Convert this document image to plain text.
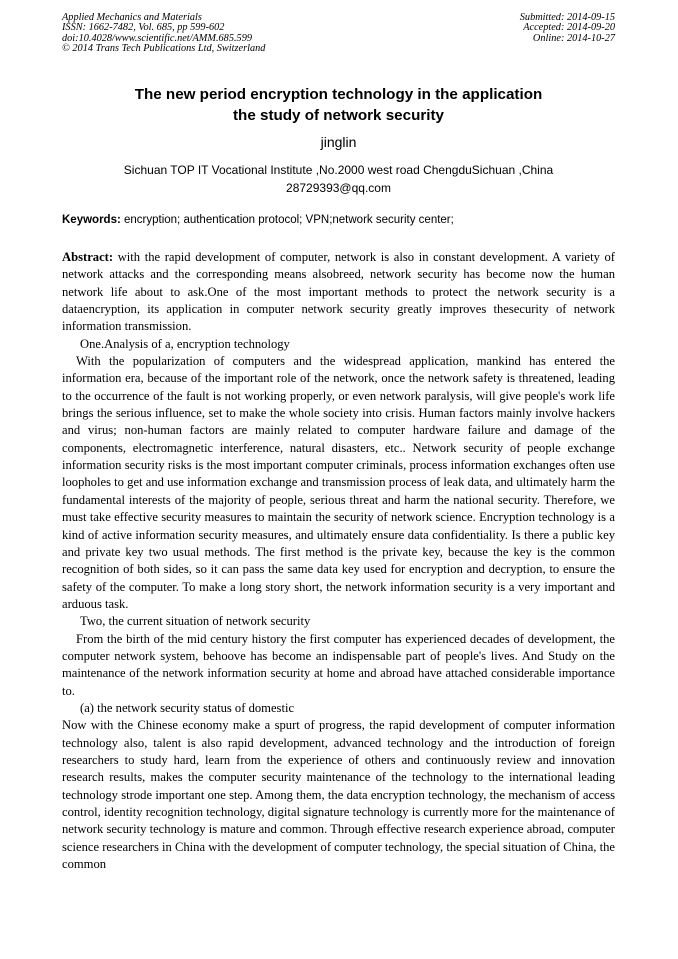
Applied Mechanics and Materials
ISSN: 1662-7482, Vol. 685, pp 599-602
doi:10.4028/www.scientific.net/AMM.685.599
© 2014 Trans Tech Publications Ltd, Switzerland
Submitted: 2014-09-15
Accepted: 2014-09-20
Online: 2014-10-27
The new period encryption technology in the application
the study of network security
jinglin
Sichuan TOP IT Vocational Institute ,No.2000 west road ChengduSichuan ,China
28729393@qq.com
Keywords: encryption; authentication protocol; VPN;network security center;

Abstract: with the rapid development of computer, network is also in constant development. A variety of network attacks and the corresponding means alsobreed, network security has become now the human network life about to ask.One of the most important methods to protect the network security is a dataencryption, its application in computer network security greatly improves thesecurity of network information transmission.

One.Analysis of a, encryption technology

With the popularization of computers and the widespread application, mankind has entered the information era, because of the important role of the network, once the network safety is threatened, leading to the occurrence of the fault is not working properly, or even network paralysis, will give people's work life brings the serious influence, set to make the whole society into crisis. Human factors mainly involve hackers and virus; non-human factors are mainly related to computer hardware failure and damage of the components, electromagnetic interference, natural disasters, etc.. Network security of people exchange information security risks is the most important computer criminals, process information exchanges often use loopholes to get and use information exchange and transmission process of leak data, and ultimately harm the fundamental interests of the majority of people, serious threat and harm the national security. Therefore, we must take effective security measures to maintain the security of network science. Encryption technology is a kind of active information security measures, and ultimately ensure data confidentiality. Is there a public key and private key two usual methods. The first method is the private key, because the key is the common recognition of both sides, so it can pass the same data key used for encryption and decryption, to ensure the safety of the computer. To make a long story short, the network information security is a very important and arduous task.

Two, the current situation of network security

From the birth of the mid century history the first computer has experienced decades of development, the computer network system, behoove has become an indispensable part of people's lives. And Study on the maintenance of the network information security at home and abroad have attached considerable importance to.

(a) the network security status of domestic

Now with the Chinese economy make a spurt of progress, the rapid development of computer information technology also, talent is also rapid development, advanced technology and the introduction of foreign researchers to study hard, learn from the experience of others and continuously review and innovation research results, makes the computer security maintenance of the technology to the international leading technology strode important one step. Among them, the data encryption technology, the mechanism of access control, identity recognition technology, digital signature technology is currently more for the maintenance of network security technology is mature and common. Through effective research experience abroad, computer science researchers in China with the development of computer technology, the special situation of China, the common
